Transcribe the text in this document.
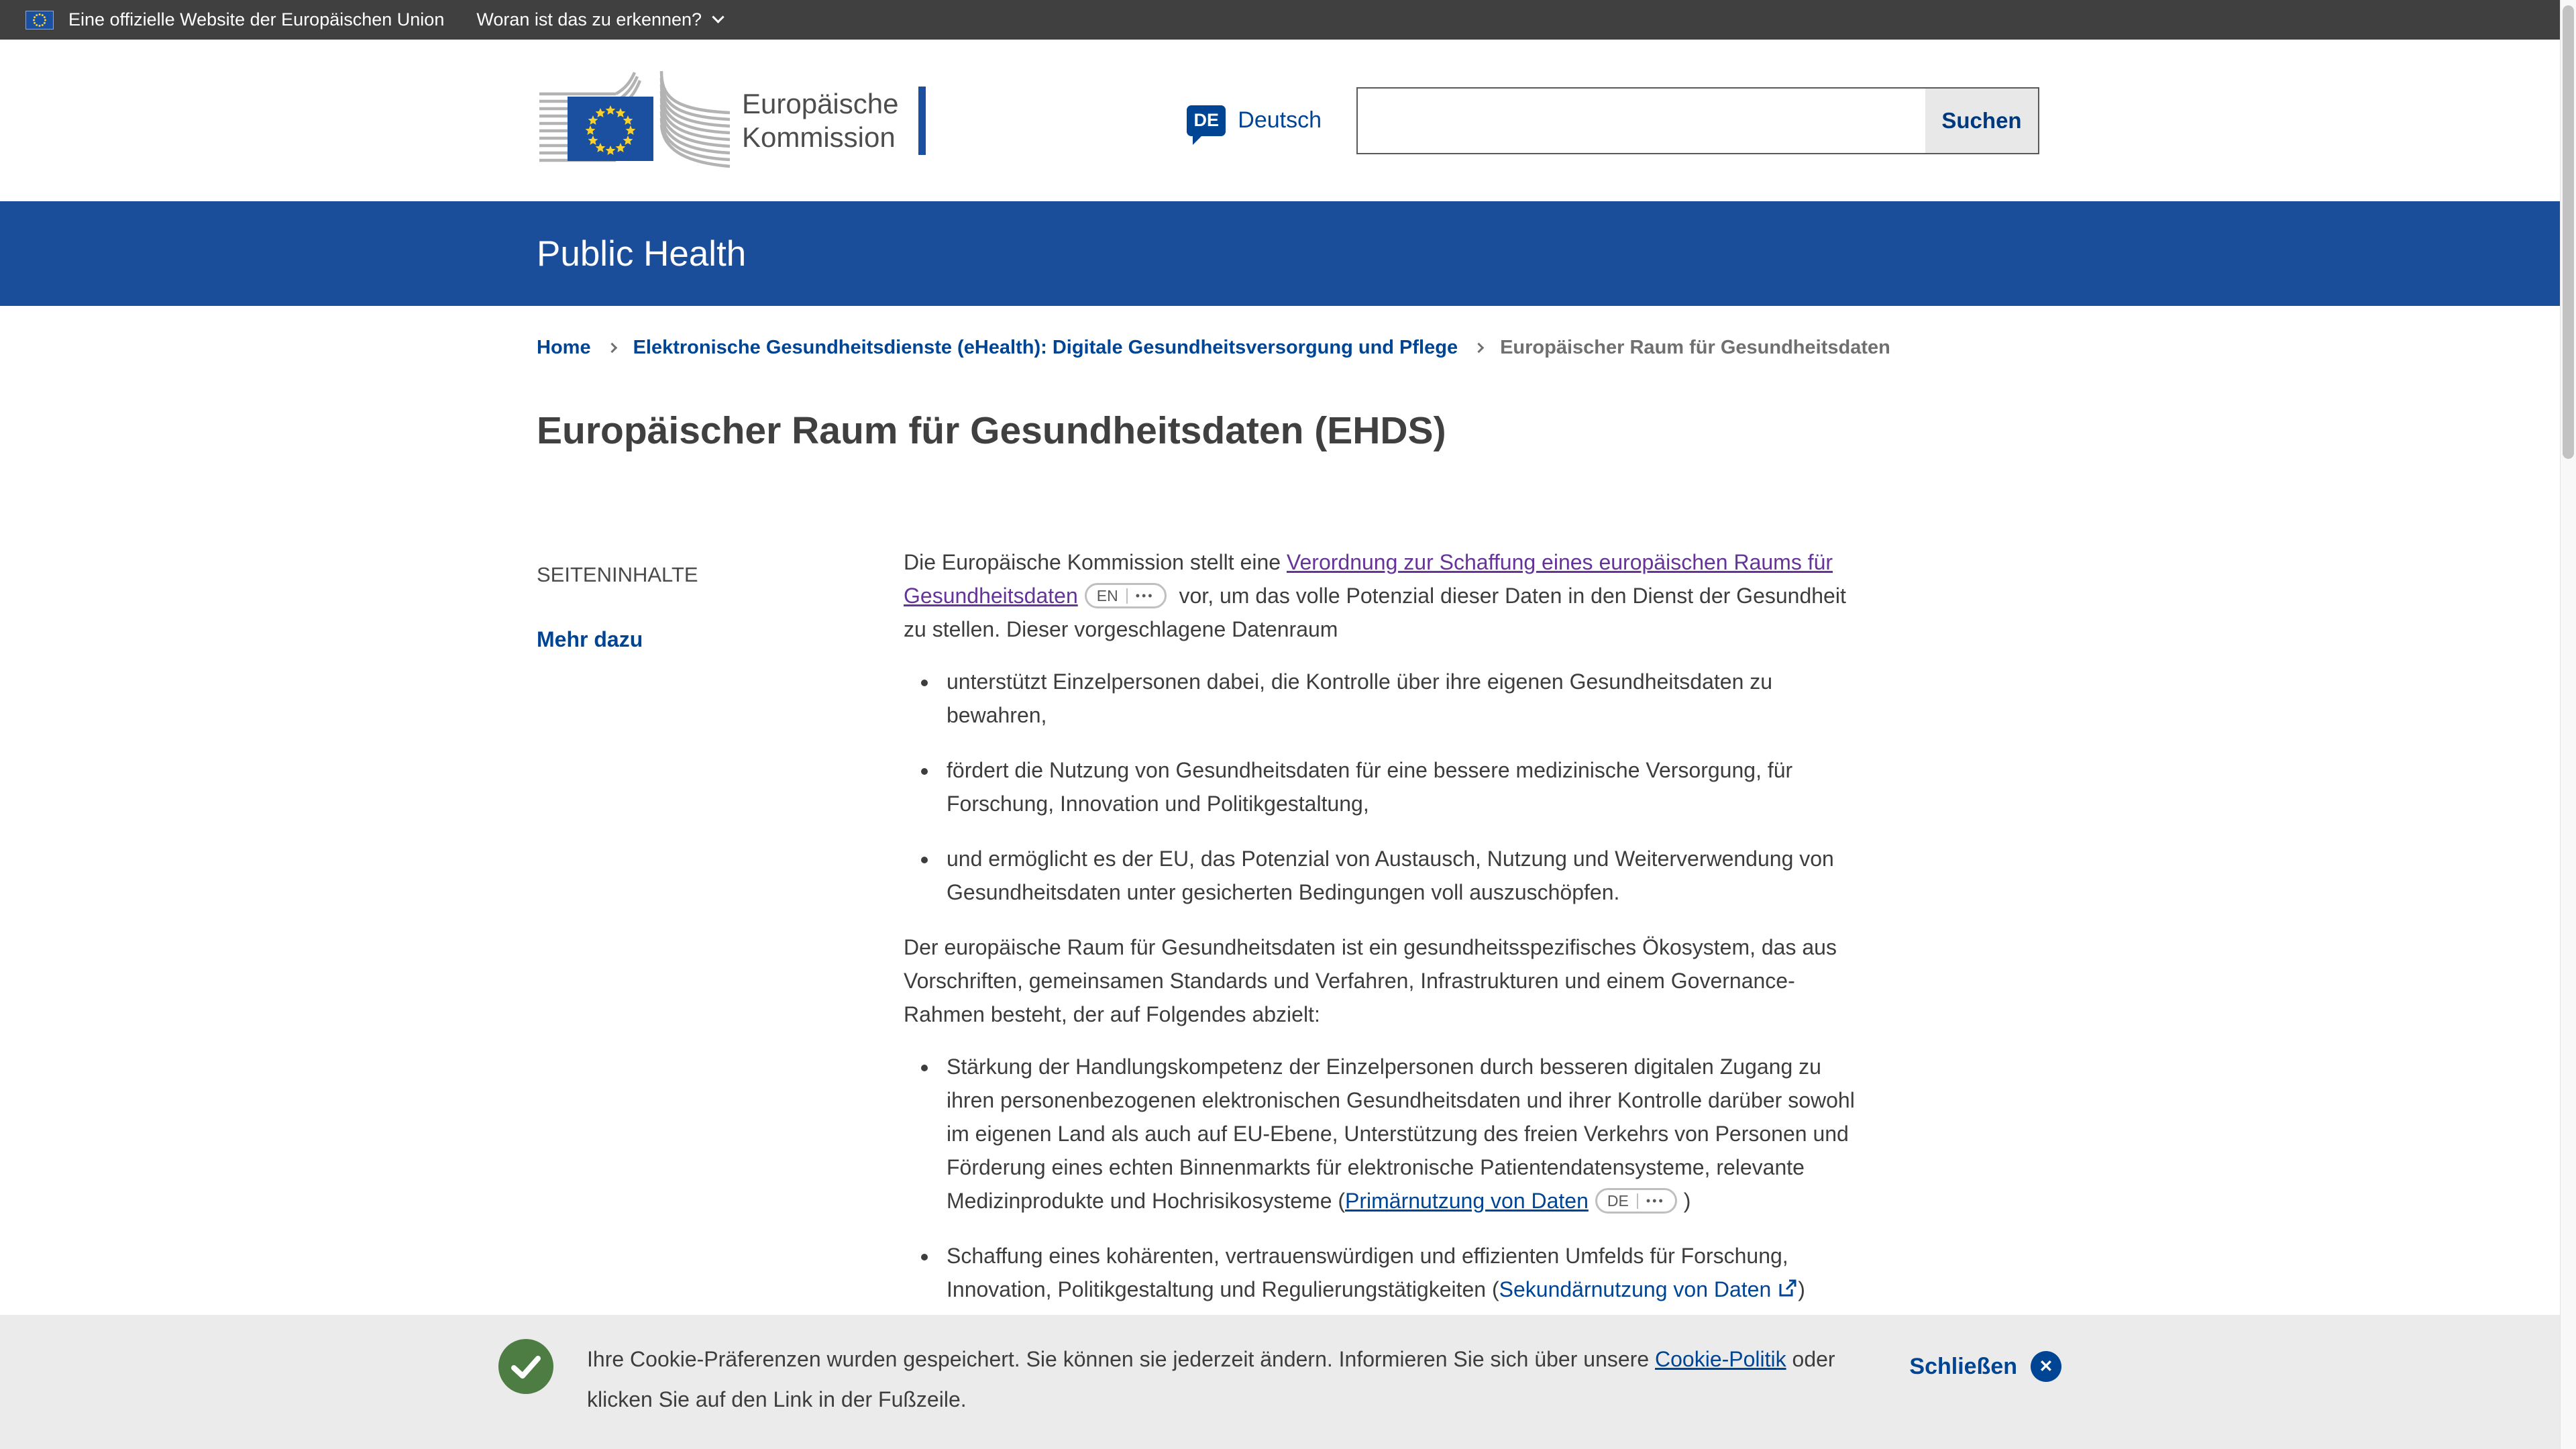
Eine offizielle Website der Europäischen Union Woran ist das zu erkennen?
Europäische
Kommission
DE Deutsch	Suchen
Public Health
Home Elektronische Gesundheitsdienste (eHealth): Digitale Gesundheitsversorgung und Pflege Europäischer Raum für Gesundheitsdaten
Europäischer Raum für Gesundheitsdaten (EHDS)
SEITENINHALTE
Mehr dazu

Die Europäische Kommission stellt eine Verordnung zur Schaffung eines europäischen Raums für Gesundheitsdaten EN ••• vor, um das volle Potenzial dieser Daten in den Dienst der Gesundheit zu stellen. Dieser vorgeschlagene Datenraum

• unterstützt Einzelpersonen dabei, die Kontrolle über ihre eigenen Gesundheitsdaten zu bewahren,
• fördert die Nutzung von Gesundheitsdaten für eine bessere medizinische Versorgung, für Forschung, Innovation und Politikgestaltung,
• und ermöglicht es der EU, das Potenzial von Austausch, Nutzung und Weiterverwendung von Gesundheitsdaten unter gesicherten Bedingungen voll auszuschöpfen.

Der europäische Raum für Gesundheitsdaten ist ein gesundheitsspezifisches Ökosystem, das aus Vorschriften, gemeinsamen Standards und Verfahren, Infrastrukturen und einem Governance-Rahmen besteht, der auf Folgendes abzielt:

• Stärkung der Handlungskompetenz der Einzelpersonen durch besseren digitalen Zugang zu ihren personenbezogenen elektronischen Gesundheitsdaten und ihrer Kontrolle darüber sowohl im eigenen Land als auch auf EU-Ebene, Unterstützung des freien Verkehrs von Personen und Förderung eines echten Binnenmarkts für elektronische Patientendatensysteme, relevante Medizinprodukte und Hochrisikosysteme (Primärnutzung von Daten DE ••• )
• Schaffung eines kohärenten, vertrauenswürdigen und effizienten Umfelds für Forschung, Innovation, Politikgestaltung und Regulierungstätigkeiten (Sekundärnutzung von Daten )
Ihre Cookie-Präferenzen wurden gespeichert. Sie können sie jederzeit ändern. Informieren Sie sich über unsere Cookie-Politik oder klicken Sie auf den Link in der Fußzeile.
Schließen	✕
